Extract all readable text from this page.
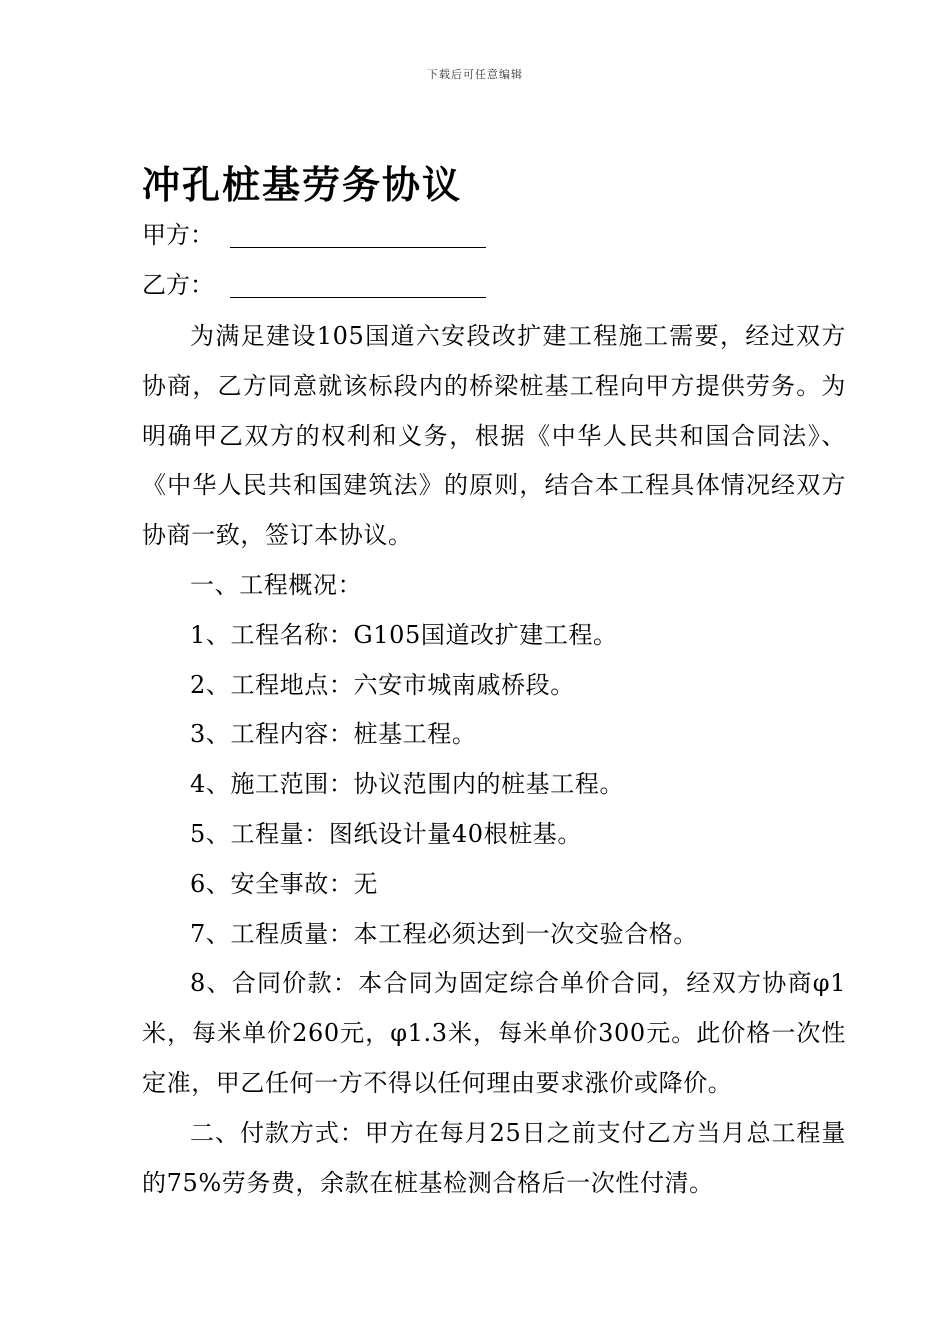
下载后可任意编辑
冲孔桩基劳务协议
甲方：
乙方：

为满足建设105国道六安段改扩建工程施工需要，经过双方协商，乙方同意就该标段内的桥梁桩基工程向甲方提供劳务。为明确甲乙双方的权利和义务，根据《中华人民共和国合同法》、《中华人民共和国建筑法》的原则，结合本工程具体情况经双方协商一致，签订本协议。

一、工程概况：

1、工程名称：G105国道改扩建工程。

2、工程地点：六安市城南戚桥段。

3、工程内容：桩基工程。

4、施工范围：协议范围内的桩基工程。

5、工程量：图纸设计量40根桩基。

6、安全事故：无

7、工程质量：本工程必须达到一次交验合格。

8、合同价款：本合同为固定综合单价合同，经双方协商φ1米，每米单价260元，φ1.3米，每米单价300元。此价格一次性定准，甲乙任何一方不得以任何理由要求涨价或降价。

二、付款方式：甲方在每月25日之前支付乙方当月总工程量的75%劳务费，余款在桩基检测合格后一次性付清。
